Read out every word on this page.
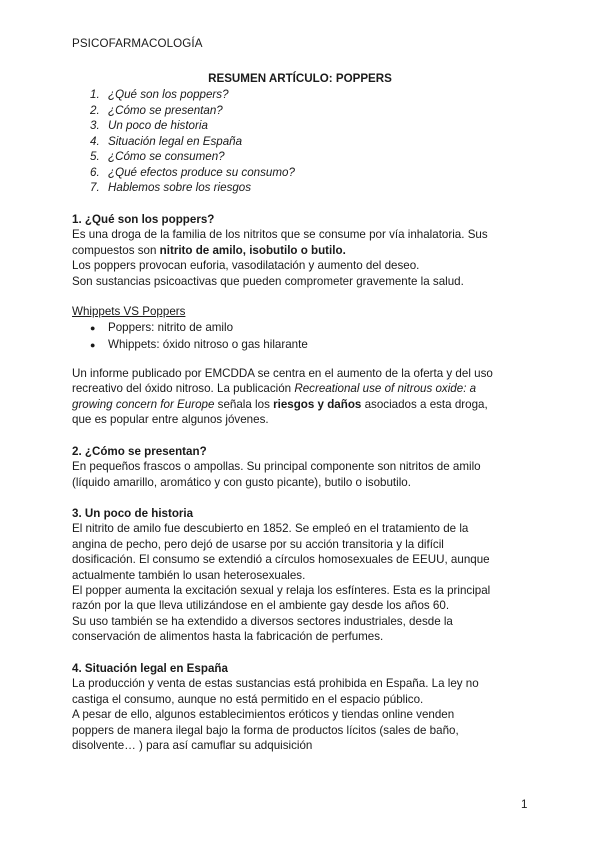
PSICOFARMACOLOGÍA
RESUMEN ARTÍCULO: POPPERS
1. ¿Qué son los poppers?
2. ¿Cómo se presentan?
3. Un poco de historia
4. Situación legal en España
5. ¿Cómo se consumen?
6. ¿Qué efectos produce su consumo?
7. Hablemos sobre los riesgos

1. ¿Qué son los poppers?

Es una droga de la familia de los nitritos que se consume por vía inhalatoria. Sus

compuestos son nitrito de amilo, isobutilo o butilo.

Los poppers provocan euforia, vasodilatación y aumento del deseo.

Son sustancias psicoactivas que pueden comprometer gravemente la salud.

Whippets VS Poppers

● Poppers: nitrito de amilo
● Whippets: óxido nitroso o gas hilarante

Un informe publicado por EMCDDA se centra en el aumento de la oferta y del uso

recreativo del óxido nitroso. La publicación Recreational use of nitrous oxide: a

growing concern for Europe señala los riesgos y daños asociados a esta droga,

que es popular entre algunos jóvenes.

2. ¿Cómo se presentan?

En pequeños frascos o ampollas. Su principal componente son nitritos de amilo

(líquido amarillo, aromático y con gusto picante), butilo o isobutilo.

3. Un poco de historia

El nitrito de amilo fue descubierto en 1852. Se empleó en el tratamiento de la

angina de pecho, pero dejó de usarse por su acción transitoria y la difícil

dosificación. El consumo se extendió a círculos homosexuales de EEUU, aunque

actualmente también lo usan heterosexuales.

El popper aumenta la excitación sexual y relaja los esfínteres. Esta es la principal

razón por la que lleva utilizándose en el ambiente gay desde los años 60.

Su uso también se ha extendido a diversos sectores industriales, desde la

conservación de alimentos hasta la fabricación de perfumes.

4. Situación legal en España

La producción y venta de estas sustancias está prohibida en España. La ley no

castiga el consumo, aunque no está permitido en el espacio público.

A pesar de ello, algunos establecimientos eróticos y tiendas online venden

poppers de manera ilegal bajo la forma de productos lícitos (sales de baño,

disolvente… ) para así camuflar su adquisición

1
